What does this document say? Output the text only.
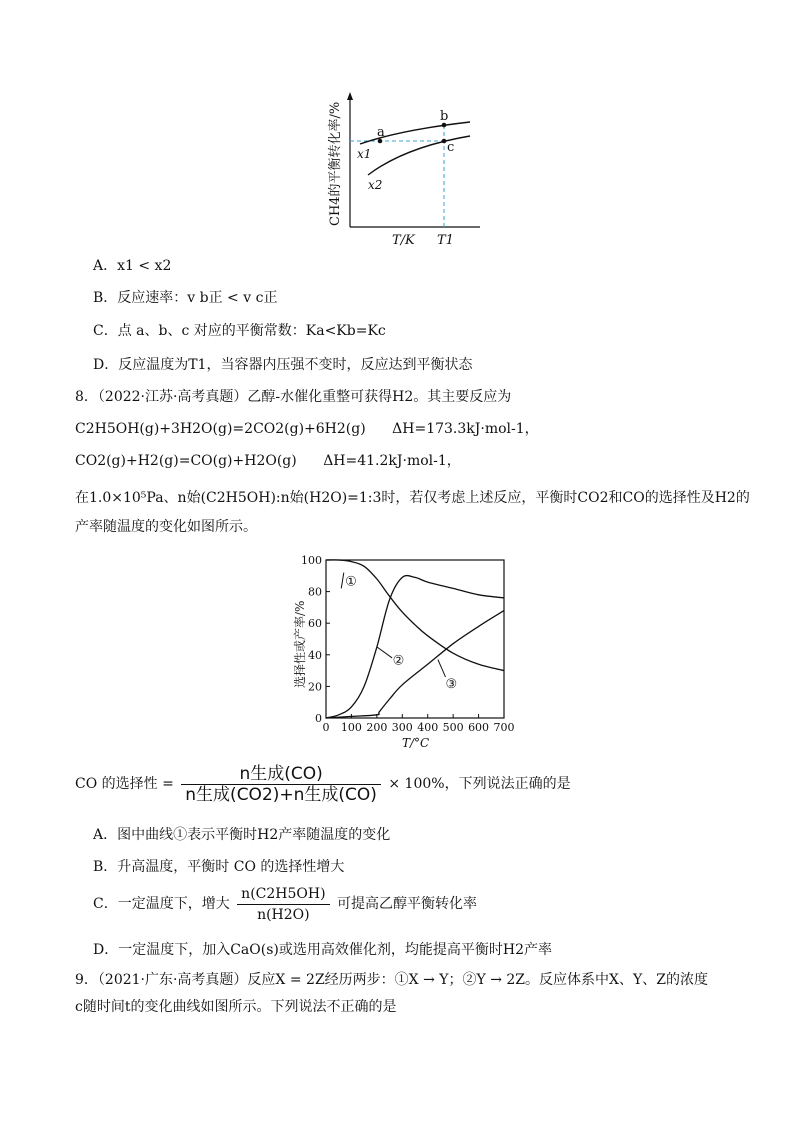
a
b
c
x1
x2
T/K T1
CH4的平衡转化率/%
A．x1 < x2
B．反应速率：v b正 < v c正
C．点 a、b、c 对应的平衡常数：Ka<Kb=Kc
D．反应温度为T1，当容器内压强不变时，反应达到平衡状态
8．（2022·江苏·高考真题）乙醇-水催化重整可获得H2。其主要反应为
C2H5OH(g)+3H2O(g)=2CO2(g)+6H2(g) ΔH=173.3kJ·mol-1，
CO2(g)+H2(g)=CO(g)+H2O(g) ΔH=41.2kJ·mol-1，
在1.0×10⁵Pa、n始(C2H5OH):n始(H2O)=1:3时，若仅考虑上述反应，平衡时CO2和CO的选择性及H2的
产率随温度的变化如图所示。
0 100 200 300 400 500 600 700
0
20
40
60
80
100
①
②
③
选择性或产率/%
T/°C
CO 的选择性 = $\frac{\text{n生成(CO)}}{\text{n生成(CO2)+n生成(CO)}} \times 100\%$，下列说法正确的是
A．图中曲线①表示平衡时H2产率随温度的变化
B．升高温度，平衡时 CO 的选择性增大
C．一定温度下，增大 $\frac{n(C2H5OH)}{n(H2O)}$ 可提高乙醇平衡转化率
D．一定温度下，加入CaO(s)或选用高效催化剂，均能提高平衡时H2产率
9．（2021·广东·高考真题）反应X = 2Z经历两步：①X → Y；②Y → 2Z。反应体系中X、Y、Z的浓度
c随时间t的变化曲线如图所示。下列说法不正确的是
